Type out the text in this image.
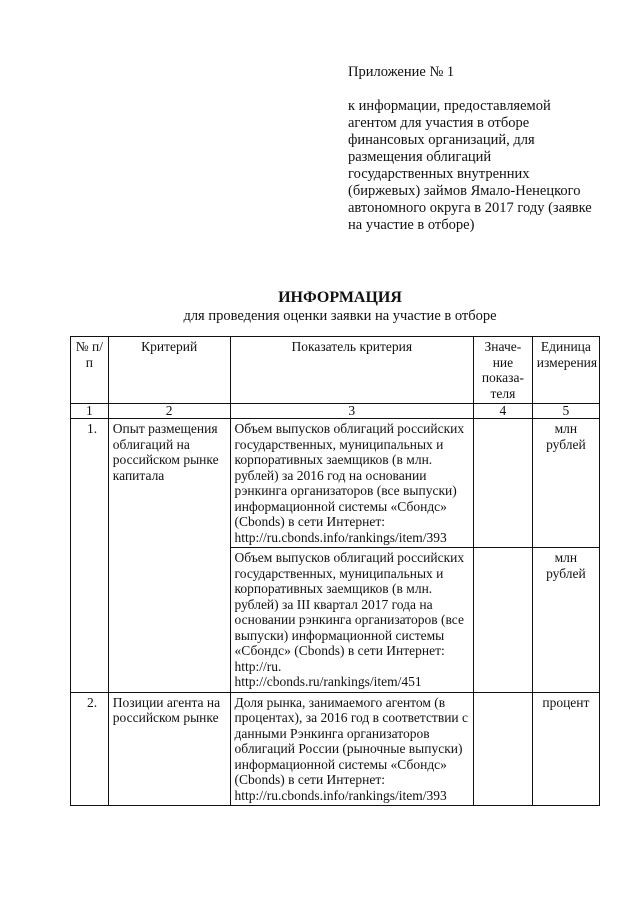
Приложение № 1
к информации, предоставляемой
агентом для участия в отборе
финансовых организаций, для
размещения облигаций
государственных внутренних
(биржевых) займов Ямало-Ненецкого
автономного округа в 2017 году (заявке
на участие в отборе)
ИНФОРМАЦИЯ
для проведения оценки заявки на участие в отборе
№ п/п	Критерий	Показатель критерия	Значе-ние показа-теля	Единица измерения
1	2	3	4	5
1.	Опыт размещения облигаций на российском рынке капитала	Объем выпусков облигаций российских государственных, муниципальных и корпоративных заемщиков (в млн. рублей) за 2016 год на основании рэнкинга организаторов (все выпуски) информационной системы «Сбондс» (Cbonds) в сети Интернет: http://ru.cbonds.info/rankings/item/393		млн рублей
		Объем выпусков облигаций российских государственных, муниципальных и корпоративных заемщиков (в млн. рублей) за III квартал 2017 года на основании рэнкинга организаторов (все выпуски) информационной системы «Сбондс» (Cbonds) в сети Интернет: http://ru. http://cbonds.ru/rankings/item/451		млн рублей
2.	Позиции агента на российском рынке	Доля рынка, занимаемого агентом (в процентах), за 2016 год в соответствии с данными Рэнкинга организаторов облигаций России (рыночные выпуски) информационной системы «Сбондс» (Cbonds) в сети Интернет: http://ru.cbonds.info/rankings/item/393		процент
